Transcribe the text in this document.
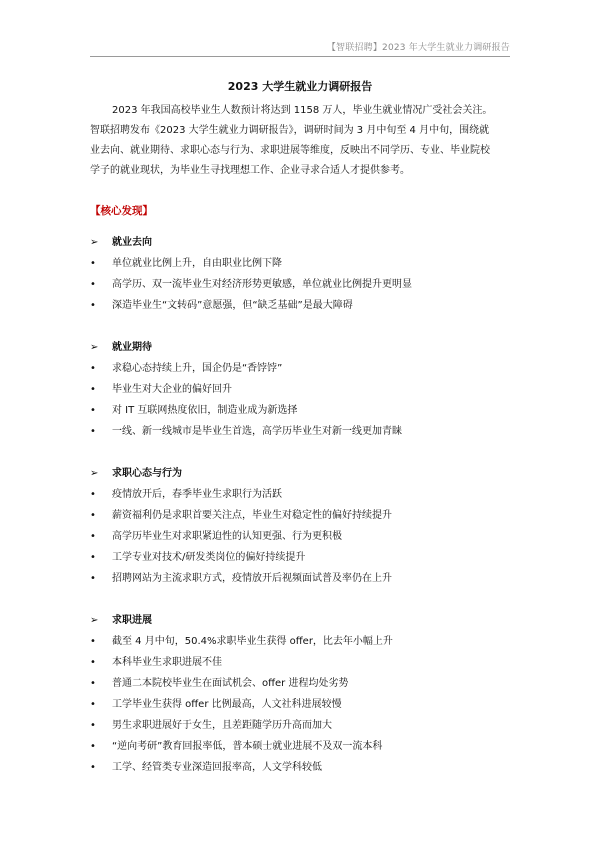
【智联招聘】2023 年大学生就业力调研报告
2023 大学生就业力调研报告

2023 年我国高校毕业生人数预计将达到 1158 万人，毕业生就业情况广受社会关注。
智联招聘发布《2023 大学生就业力调研报告》，调研时间为 3 月中旬至 4 月中旬，围绕就
业去向、就业期待、求职心态与行为、求职进展等维度，反映出不同学历、专业、毕业院校
学子的就业现状，为毕业生寻找理想工作、企业寻求合适人才提供参考。

【核心发现】
➢ 就业去向
• 单位就业比例上升，自由职业比例下降
• 高学历、双一流毕业生对经济形势更敏感，单位就业比例提升更明显
• 深造毕业生“文转码”意愿强，但“缺乏基础”是最大障碍
➢ 就业期待
• 求稳心态持续上升，国企仍是“香饽饽”
• 毕业生对大企业的偏好回升
• 对 IT 互联网热度依旧，制造业成为新选择
• 一线、新一线城市是毕业生首选，高学历毕业生对新一线更加青睐
➢ 求职心态与行为
• 疫情放开后，春季毕业生求职行为活跃
• 薪资福利仍是求职首要关注点，毕业生对稳定性的偏好持续提升
• 高学历毕业生对求职紧迫性的认知更强、行为更积极
• 工学专业对技术/研发类岗位的偏好持续提升
• 招聘网站为主流求职方式，疫情放开后视频面试普及率仍在上升
➢ 求职进展
• 截至 4 月中旬，50.4%求职毕业生获得 offer，比去年小幅上升
• 本科毕业生求职进展不佳
• 普通二本院校毕业生在面试机会、offer 进程均处劣势
• 工学毕业生获得 offer 比例最高，人文社科进展较慢
• 男生求职进展好于女生，且差距随学历升高而加大
• “逆向考研”教育回报率低，普本硕士就业进展不及双一流本科
• 工学、经管类专业深造回报率高，人文学科较低
